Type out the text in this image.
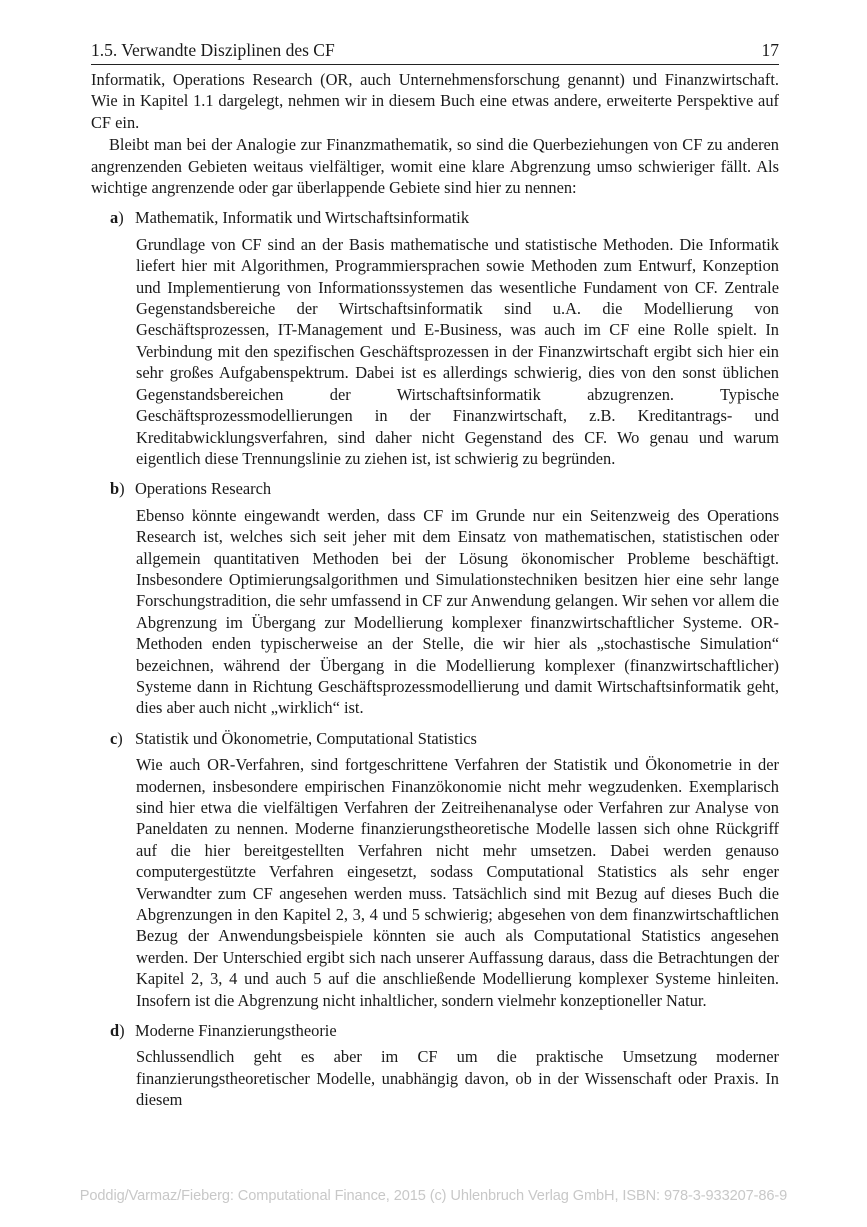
1.5. Verwandte Disziplinen des CF	17

Informatik, Operations Research (OR, auch Unternehmensforschung genannt) und Finanzwirtschaft. Wie in Kapitel 1.1 dargelegt, nehmen wir in diesem Buch eine etwas andere, erweiterte Perspektive auf CF ein.

Bleibt man bei der Analogie zur Finanzmathematik, so sind die Querbeziehungen von CF zu anderen angrenzenden Gebieten weitaus vielfältiger, womit eine klare Abgrenzung umso schwieriger fällt. Als wichtige angrenzende oder gar überlappende Gebiete sind hier zu nennen:

a) Mathematik, Informatik und Wirtschaftsinformatik

Grundlage von CF sind an der Basis mathematische und statistische Methoden. Die Informatik liefert hier mit Algorithmen, Programmiersprachen sowie Methoden zum Entwurf, Konzeption und Implementierung von Informationssystemen das wesentliche Fundament von CF. Zentrale Gegenstandsbereiche der Wirtschaftsinformatik sind u.A. die Modellierung von Geschäftsprozessen, IT-Management und E-Business, was auch im CF eine Rolle spielt. In Verbindung mit den spezifischen Geschäftsprozessen in der Finanzwirtschaft ergibt sich hier ein sehr großes Aufgabenspektrum. Dabei ist es allerdings schwierig, dies von den sonst üblichen Gegenstandsbereichen der Wirtschaftsinformatik abzugrenzen. Typische Geschäftsprozessmodellierungen in der Finanzwirtschaft, z.B. Kreditantrags- und Kreditabwicklungsverfahren, sind daher nicht Gegenstand des CF. Wo genau und warum eigentlich diese Trennungslinie zu ziehen ist, ist schwierig zu begründen.

b) Operations Research

Ebenso könnte eingewandt werden, dass CF im Grunde nur ein Seitenzweig des Operations Research ist, welches sich seit jeher mit dem Einsatz von mathematischen, statistischen oder allgemein quantitativen Methoden bei der Lösung ökonomischer Probleme beschäftigt. Insbesondere Optimierungsalgorithmen und Simulationstechniken besitzen hier eine sehr lange Forschungstradition, die sehr umfassend in CF zur Anwendung gelangen. Wir sehen vor allem die Abgrenzung im Übergang zur Modellierung komplexer finanzwirtschaftlicher Systeme. OR-Methoden enden typischerweise an der Stelle, die wir hier als „stochastische Simulation“ bezeichnen, während der Übergang in die Modellierung komplexer (finanzwirtschaftlicher) Systeme dann in Richtung Geschäftsprozessmodellierung und damit Wirtschaftsinformatik geht, dies aber auch nicht „wirklich“ ist.

c) Statistik und Ökonometrie, Computational Statistics

Wie auch OR-Verfahren, sind fortgeschrittene Verfahren der Statistik und Ökonometrie in der modernen, insbesondere empirischen Finanzökonomie nicht mehr wegzudenken. Exemplarisch sind hier etwa die vielfältigen Verfahren der Zeitreihenanalyse oder Verfahren zur Analyse von Paneldaten zu nennen. Moderne finanzierungstheoretische Modelle lassen sich ohne Rückgriff auf die hier bereitgestellten Verfahren nicht mehr umsetzen. Dabei werden genauso computergestützte Verfahren eingesetzt, sodass Computational Statistics als sehr enger Verwandter zum CF angesehen werden muss. Tatsächlich sind mit Bezug auf dieses Buch die Abgrenzungen in den Kapitel 2, 3, 4 und 5 schwierig; abgesehen von dem finanzwirtschaftlichen Bezug der Anwendungsbeispiele könnten sie auch als Computational Statistics angesehen werden. Der Unterschied ergibt sich nach unserer Auffassung daraus, dass die Betrachtungen der Kapitel 2, 3, 4 und auch 5 auf die anschließende Modellierung komplexer Systeme hinleiten. Insofern ist die Abgrenzung nicht inhaltlicher, sondern vielmehr konzeptioneller Natur.

d) Moderne Finanzierungstheorie

Schlussendlich geht es aber im CF um die praktische Umsetzung moderner finanzierungstheoretischer Modelle, unabhängig davon, ob in der Wissenschaft oder Praxis. In diesem

Poddig/Varmaz/Fieberg: Computational Finance, 2015 (c) Uhlenbruch Verlag GmbH, ISBN: 978-3-933207-86-9
